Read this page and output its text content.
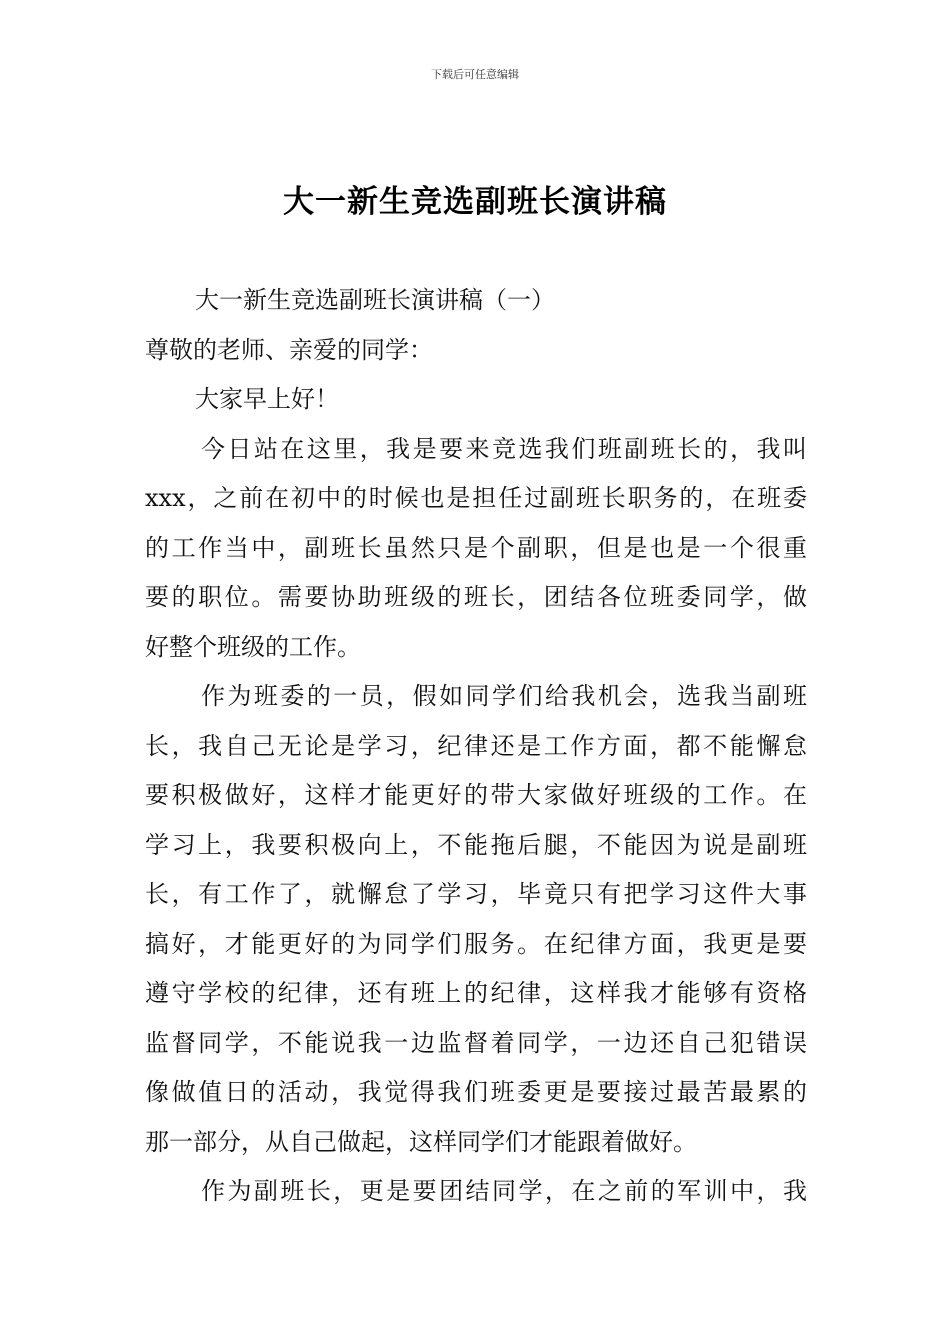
下载后可任意编辑
大一新生竞选副班长演讲稿
大一新生竞选副班长演讲稿（一）
尊敬的老师、亲爱的同学：
大家早上好！
今日站在这里，我是要来竞选我们班副班长的，我叫
xxx，之前在初中的时候也是担任过副班长职务的，在班委
的工作当中，副班长虽然只是个副职，但是也是一个很重
要的职位。需要协助班级的班长，团结各位班委同学，做
好整个班级的工作。
作为班委的一员，假如同学们给我机会，选我当副班
长，我自己无论是学习，纪律还是工作方面，都不能懈怠
要积极做好，这样才能更好的带大家做好班级的工作。在
学习上，我要积极向上，不能拖后腿，不能因为说是副班
长，有工作了，就懈怠了学习，毕竟只有把学习这件大事
搞好，才能更好的为同学们服务。在纪律方面，我更是要
遵守学校的纪律，还有班上的纪律，这样我才能够有资格
监督同学，不能说我一边监督着同学，一边还自己犯错误
像做值日的活动，我觉得我们班委更是要接过最苦最累的
那一部分，从自己做起，这样同学们才能跟着做好。
作为副班长，更是要团结同学，在之前的军训中，我
